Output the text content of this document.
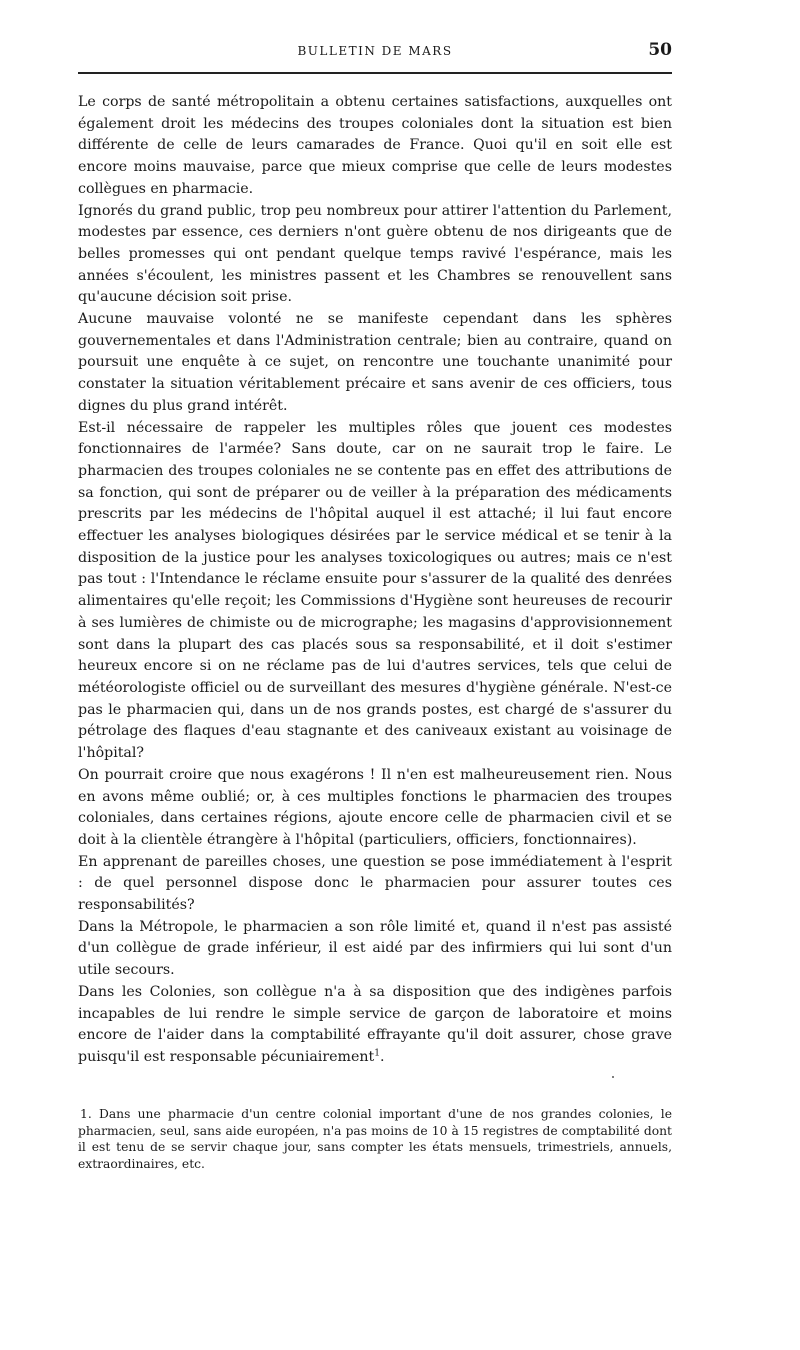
BULLETIN DE MARS	50

Le corps de santé métropolitain a obtenu certaines satisfactions, auxquelles ont également droit les médecins des troupes coloniales dont la situation est bien différente de celle de leurs camarades de France. Quoi qu'il en soit elle est encore moins mauvaise, parce que mieux comprise que celle de leurs modestes collègues en pharmacie.

Ignorés du grand public, trop peu nombreux pour attirer l'attention du Parlement, modestes par essence, ces derniers n'ont guère obtenu de nos dirigeants que de belles promesses qui ont pendant quelque temps ravivé l'espérance, mais les années s'écoulent, les ministres passent et les Chambres se renouvellent sans qu'aucune décision soit prise.

Aucune mauvaise volonté ne se manifeste cependant dans les sphères gouvernementales et dans l'Administration centrale; bien au contraire, quand on poursuit une enquête à ce sujet, on rencontre une touchante unanimité pour constater la situation véritablement précaire et sans avenir de ces officiers, tous dignes du plus grand intérêt.

Est-il nécessaire de rappeler les multiples rôles que jouent ces modestes fonctionnaires de l'armée? Sans doute, car on ne saurait trop le faire. Le pharmacien des troupes coloniales ne se contente pas en effet des attributions de sa fonction, qui sont de préparer ou de veiller à la préparation des médicaments prescrits par les médecins de l'hôpital auquel il est attaché; il lui faut encore effectuer les analyses biologiques désirées par le service médical et se tenir à la disposition de la justice pour les analyses toxicologiques ou autres; mais ce n'est pas tout : l'Intendance le réclame ensuite pour s'assurer de la qualité des denrées alimentaires qu'elle reçoit; les Commissions d'Hygiène sont heureuses de recourir à ses lumières de chimiste ou de micrographe; les magasins d'approvisionnement sont dans la plupart des cas placés sous sa responsabilité, et il doit s'estimer heureux encore si on ne réclame pas de lui d'autres services, tels que celui de météorologiste officiel ou de surveillant des mesures d'hygiène générale. N'est-ce pas le pharmacien qui, dans un de nos grands postes, est chargé de s'assurer du pétrolage des flaques d'eau stagnante et des caniveaux existant au voisinage de l'hôpital?

On pourrait croire que nous exagérons ! Il n'en est malheureusement rien. Nous en avons même oublié; or, à ces multiples fonctions le pharmacien des troupes coloniales, dans certaines régions, ajoute encore celle de pharmacien civil et se doit à la clientèle étrangère à l'hôpital (particuliers, officiers, fonctionnaires).

En apprenant de pareilles choses, une question se pose immédiatement à l'esprit : de quel personnel dispose donc le pharmacien pour assurer toutes ces responsabilités?

Dans la Métropole, le pharmacien a son rôle limité et, quand il n'est pas assisté d'un collègue de grade inférieur, il est aidé par des infirmiers qui lui sont d'un utile secours.

Dans les Colonies, son collègue n'a à sa disposition que des indigènes parfois incapables de lui rendre le simple service de garçon de laboratoire et moins encore de l'aider dans la comptabilité effrayante qu'il doit assurer, chose grave puisqu'il est responsable pécuniairement$^1$.

1. Dans une pharmacie d'un centre colonial important d'une de nos grandes colonies, le pharmacien, seul, sans aide européen, n'a pas moins de 10 à 15 registres de comptabilité dont il est tenu de se servir chaque jour, sans compter les états mensuels, trimestriels, annuels, extraordinaires, etc.
